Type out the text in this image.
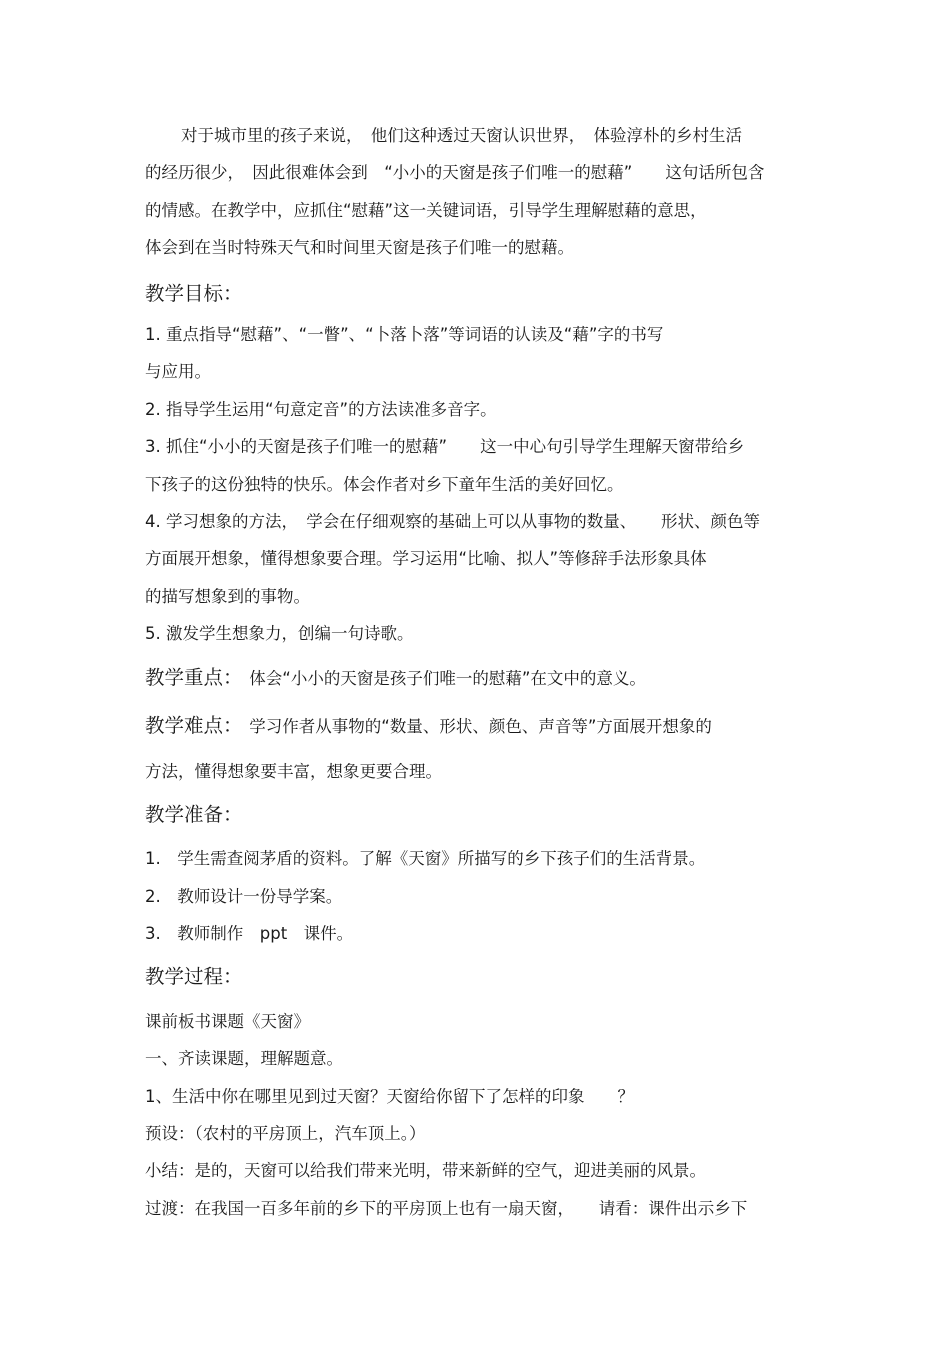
对于城市里的孩子来说，　他们这种透过天窗认识世界，　体验淳朴的乡村生活
的经历很少，　因此很难体会到　“小小的天窗是孩子们唯一的慰藉”　　这句话所包含
的情感。在教学中，应抓住“慰藉”这一关键词语，引导学生理解慰藉的意思，
体会到在当时特殊天气和时间里天窗是孩子们唯一的慰藉。
教学目标：
1. 重点指导“慰藉”、“一瞥”、“卜落卜落”等词语的认读及“藉”字的书写
与应用。
2. 指导学生运用“句意定音”的方法读准多音字。
3. 抓住“小小的天窗是孩子们唯一的慰藉”　　这一中心句引导学生理解天窗带给乡
下孩子的这份独特的快乐。体会作者对乡下童年生活的美好回忆。
4. 学习想象的方法，　学会在仔细观察的基础上可以从事物的数量、　　形状、颜色等
方面展开想象，懂得想象要合理。学习运用“比喻、拟人”等修辞手法形象具体
的描写想象到的事物。
5. 激发学生想象力，创编一句诗歌。
教学重点：　体会“小小的天窗是孩子们唯一的慰藉”在文中的意义。
教学难点：　学习作者从事物的“数量、形状、颜色、声音等”方面展开想象的
方法，懂得想象要丰富，想象更要合理。
教学准备：
1.　学生需查阅茅盾的资料。了解《天窗》所描写的乡下孩子们的生活背景。
2.　教师设计一份导学案。
3.　教师制作　ppt　课件。
教学过程：
课前板书课题《天窗》
一、齐读课题，理解题意。
1、生活中你在哪里见到过天窗？天窗给你留下了怎样的印象　　？
预设：（农村的平房顶上，汽车顶上。）
小结：是的，天窗可以给我们带来光明，带来新鲜的空气，迎进美丽的风景。
过渡：在我国一百多年前的乡下的平房顶上也有一扇天窗，　　请看：课件出示乡下
